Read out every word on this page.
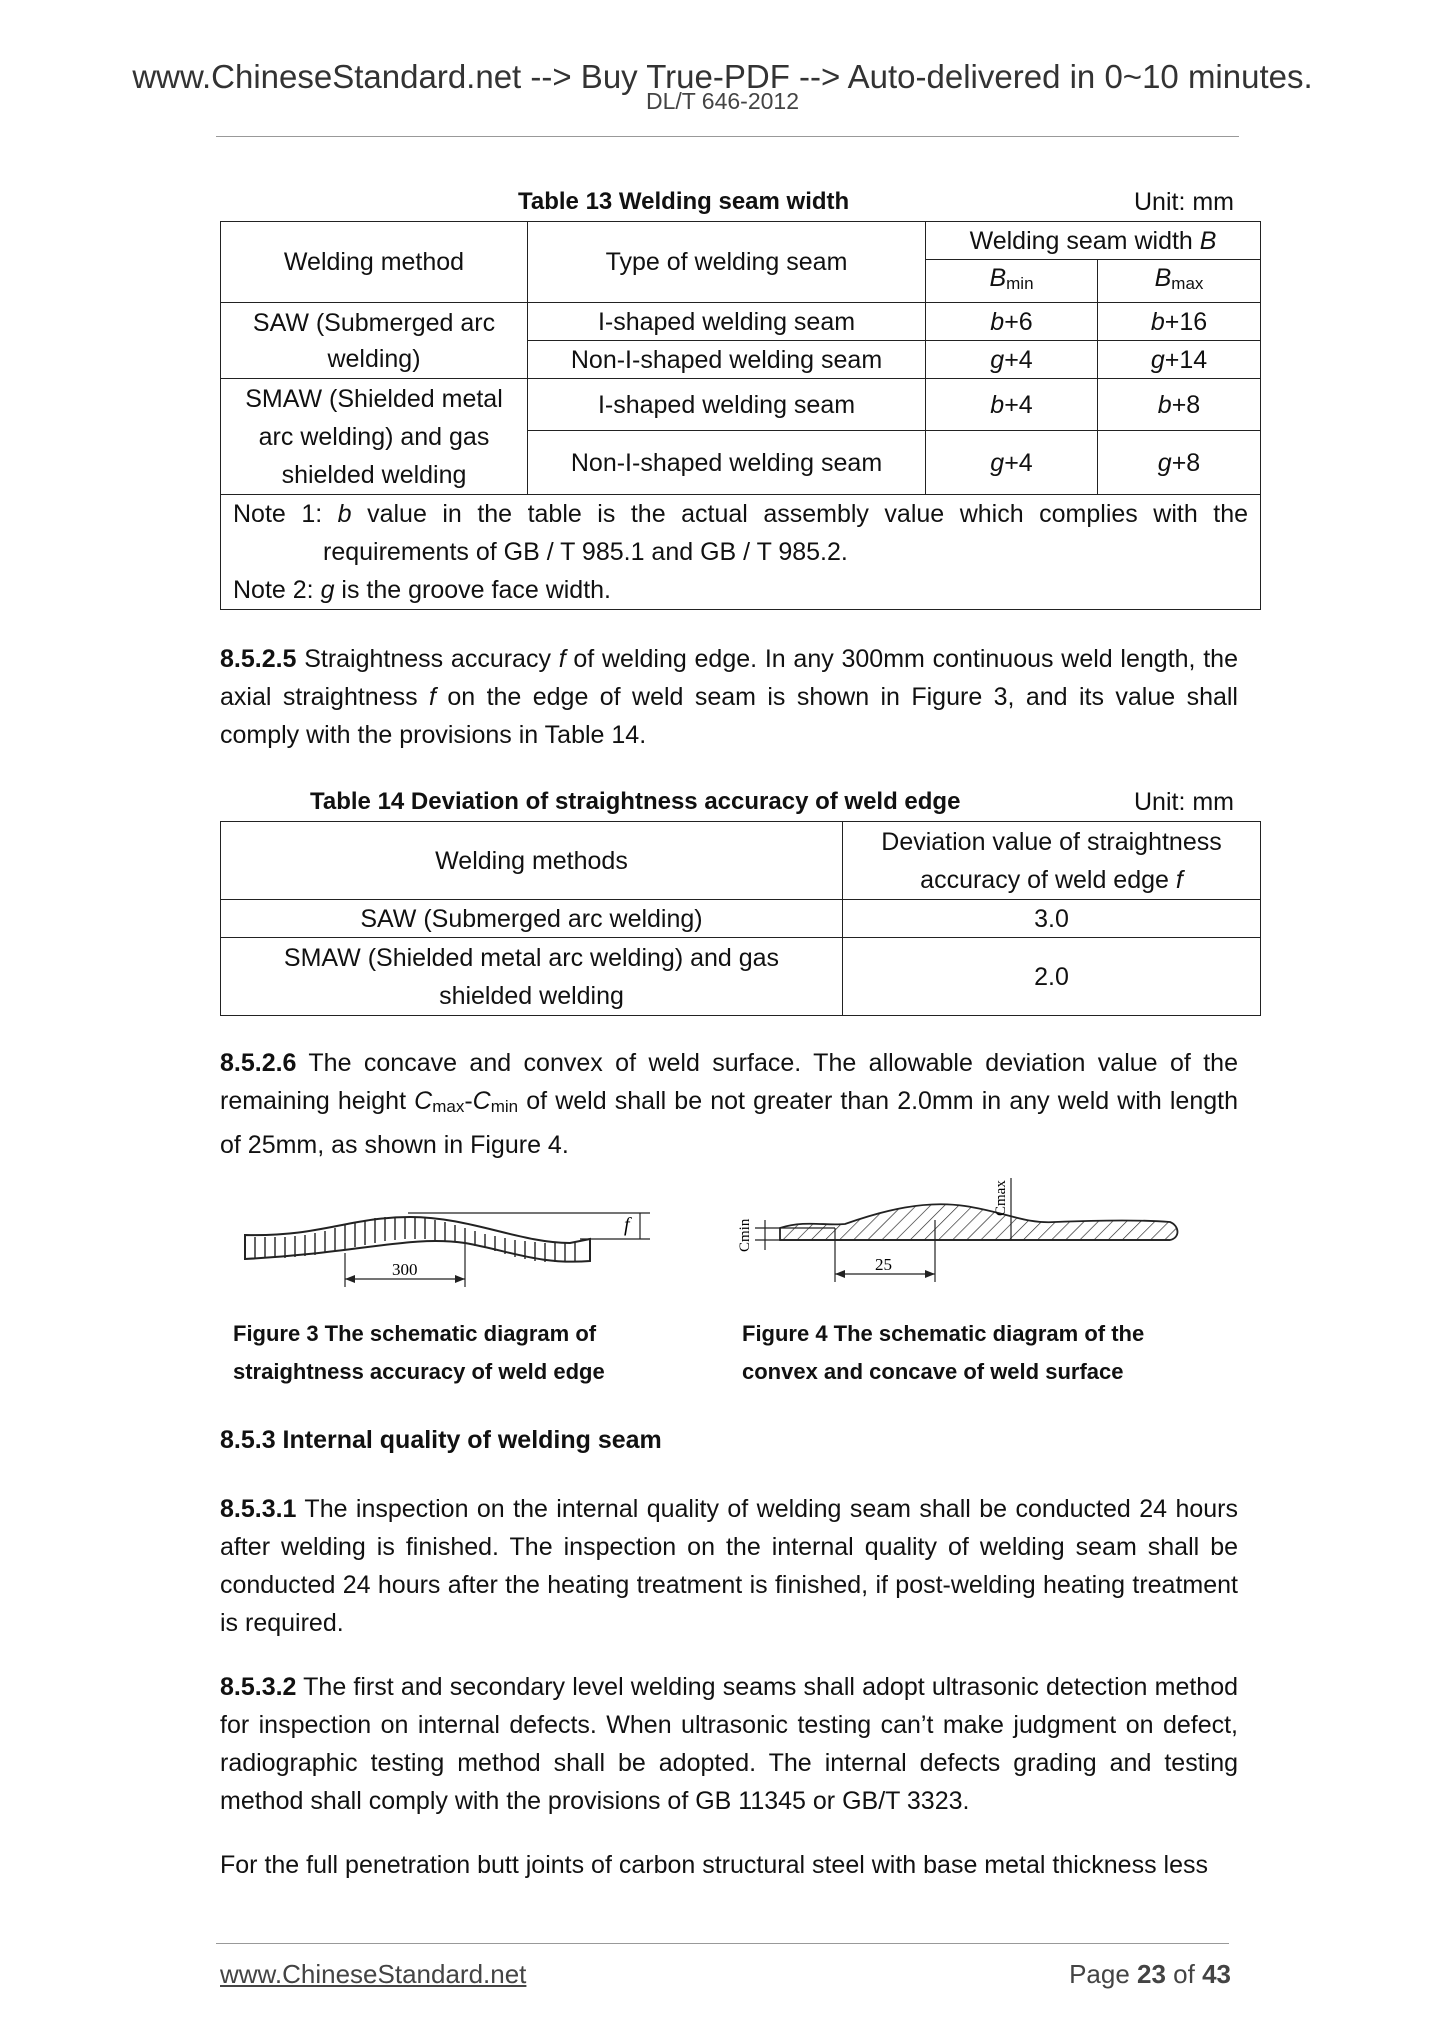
www.ChineseStandard.net --> Buy True-PDF --> Auto-delivered in 0~10 minutes.
DL/T 646-2012
Table 13 Welding seam width	Unit: mm
Welding method	Type of welding seam	Welding seam width B	
		$B_{min}$	$B_{max}$
SAW (Submerged arc welding)	I-shaped welding seam	b+6	b+16
	Non-I-shaped welding seam	g+4	g+14
SMAW (Shielded metal arc welding) and gas shielded welding	I-shaped welding seam	b+4	b+8
	Non-I-shaped welding seam	g+4	g+8

Note 1: b value in the table is the actual assembly value which complies with the
requirements of GB / T 985.1 and GB / T 985.2.
Note 2: g is the groove face width.			
8.5.2.5 Straightness accuracy f of welding edge. In any 300mm continuous weld length, the axial straightness f on the edge of weld seam is shown in Figure 3, and its value shall comply with the provisions in Table 14.
Table 14 Deviation of straightness accuracy of weld edge	Unit: mm
Welding methods	Deviation value of straightness accuracy of weld edge f
SAW (Submerged arc welding)	3.0
SMAW (Shielded metal arc welding) and gas shielded welding	2.0
8.5.2.6 The concave and convex of weld surface. The allowable deviation value of the remaining height $C_{max}-C_{min}$ of weld shall be not greater than 2.0mm in any weld with length of 25mm, as shown in Figure 4.
300
f
Figure 3 The schematic diagram of
straightness accuracy of weld edge
25
Cmin
Cmax
Figure 4 The schematic diagram of the
convex and concave of weld surface
8.5.3 Internal quality of welding seam
8.5.3.1 The inspection on the internal quality of welding seam shall be conducted 24 hours after welding is finished. The inspection on the internal quality of welding seam shall be conducted 24 hours after the heating treatment is finished, if post-welding heating treatment is required.
8.5.3.2 The first and secondary level welding seams shall adopt ultrasonic detection method for inspection on internal defects. When ultrasonic testing can’t make judgment on defect, radiographic testing method shall be adopted. The internal defects grading and testing method shall comply with the provisions of GB 11345 or GB/T 3323.
For the full penetration butt joints of carbon structural steel with base metal thickness less
www.ChineseStandard.net	Page 23 of 43
